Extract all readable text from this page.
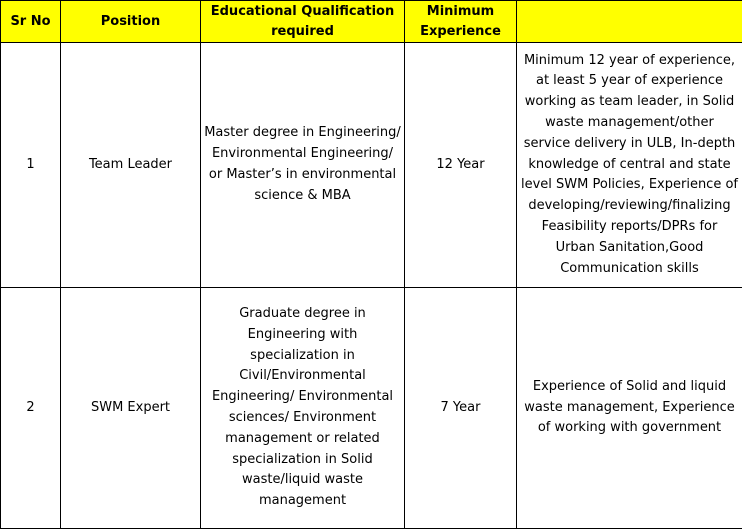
Sr No	Position	Educational Qualification required	Minimum Experience	
1	Team Leader	Master degree in Engineering/ Environmental Engineering/ or Master’s in environmental science & MBA	12 Year	Minimum 12 year of experience, at least 5 year of experience working as team leader, in Solid waste management/other service delivery in ULB, In-depth knowledge of central and state level SWM Policies, Experience of developing/reviewing/finalizing Feasibility reports/DPRs for Urban Sanitation,Good Communication skills
2	SWM Expert	Graduate degree in Engineering with specialization in Civil/Environmental Engineering/ Environmental sciences/ Environment management or related specialization in Solid waste/liquid waste management	7 Year	Experience of Solid and liquid waste management, Experience of working with government
